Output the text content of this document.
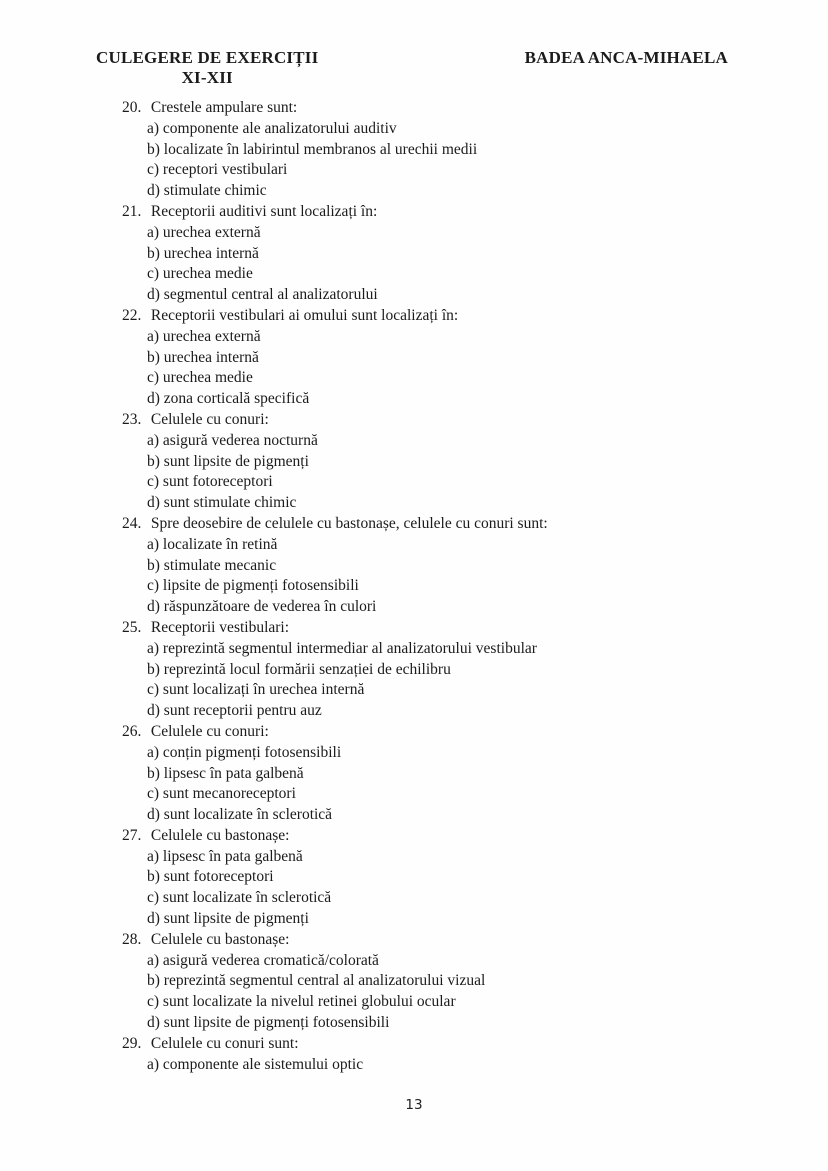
CULEGERE DE EXERCIȚII
XI-XII
BADEA ANCA-MIHAELA
20. Crestele ampulare sunt:
a) componente ale analizatorului auditiv
b) localizate în labirintul membranos al urechii medii
c) receptori vestibulari
d) stimulate chimic
21. Receptorii auditivi sunt localizați în:
a) urechea externă
b) urechea internă
c) urechea medie
d) segmentul central al analizatorului
22. Receptorii vestibulari ai omului sunt localizați în:
a) urechea externă
b) urechea internă
c) urechea medie
d) zona corticală specifică
23. Celulele cu conuri:
a) asigură vederea nocturnă
b) sunt lipsite de pigmenți
c) sunt fotoreceptori
d) sunt stimulate chimic
24. Spre deosebire de celulele cu bastonașe, celulele cu conuri sunt:
a) localizate în retină
b) stimulate mecanic
c) lipsite de pigmenți fotosensibili
d) răspunzătoare de vederea în culori
25. Receptorii vestibulari:
a) reprezintă segmentul intermediar al analizatorului vestibular
b) reprezintă locul formării senzației de echilibru
c) sunt localizați în urechea internă
d) sunt receptorii pentru auz
26. Celulele cu conuri:
a) conțin pigmenți fotosensibili
b) lipsesc în pata galbenă
c) sunt mecanoreceptori
d) sunt localizate în sclerotică
27. Celulele cu bastonașe:
a) lipsesc în pata galbenă
b) sunt fotoreceptori
c) sunt localizate în sclerotică
d) sunt lipsite de pigmenți
28. Celulele cu bastonașe:
a) asigură vederea cromatică/colorată
b) reprezintă segmentul central al analizatorului vizual
c) sunt localizate la nivelul retinei globului ocular
d) sunt lipsite de pigmenți fotosensibili
29. Celulele cu conuri sunt:
a) componente ale sistemului optic
13
